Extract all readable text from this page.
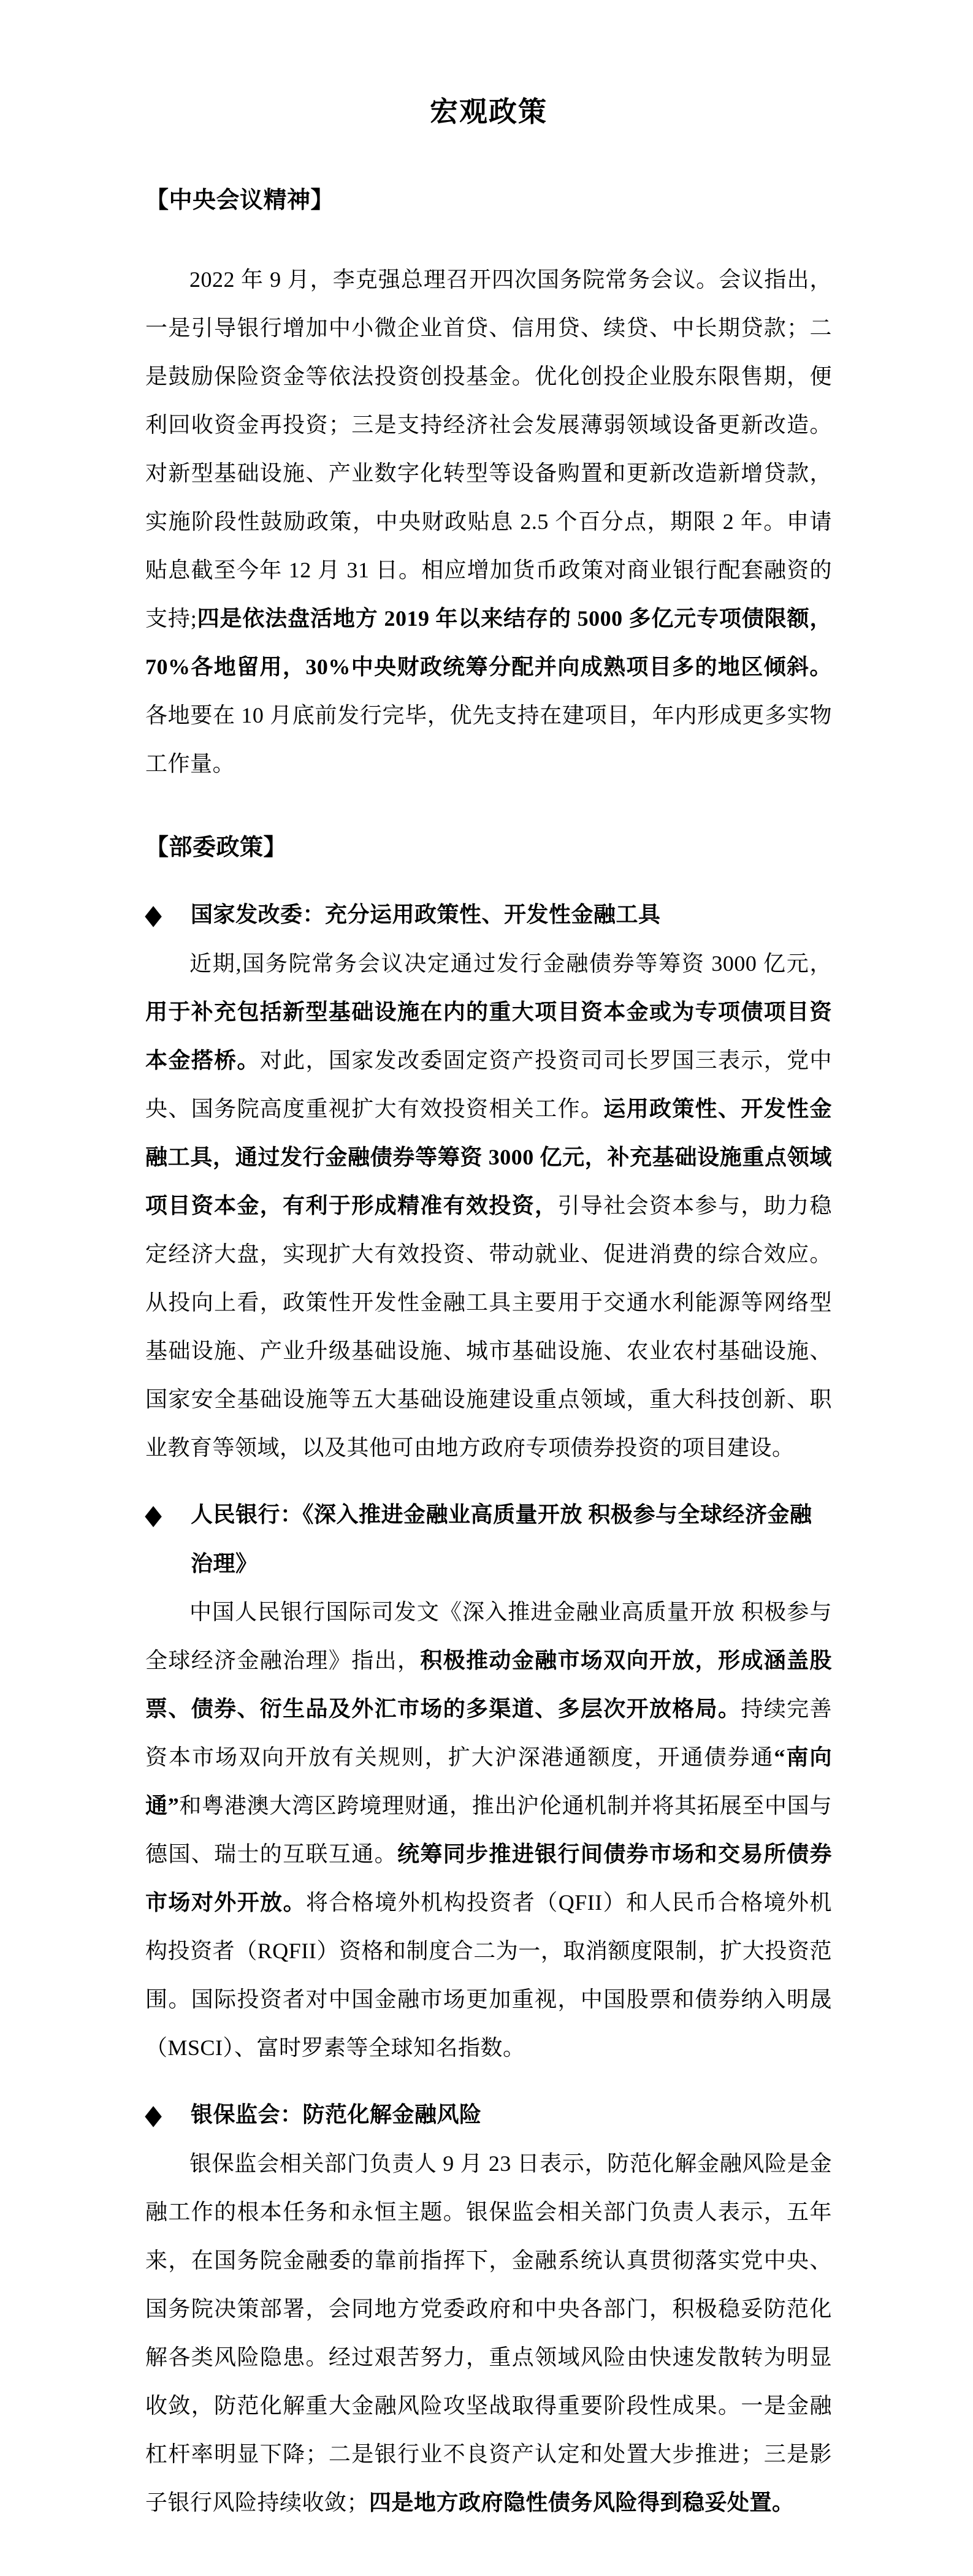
宏观政策
【中央会议精神】

2022 年 9 月，李克强总理召开四次国务院常务会议。会议指出，一是引导银行增加中小微企业首贷、信用贷、续贷、中长期贷款；二是鼓励保险资金等依法投资创投基金。优化创投企业股东限售期，便利回收资金再投资；三是支持经济社会发展薄弱领域设备更新改造。对新型基础设施、产业数字化转型等设备购置和更新改造新增贷款，实施阶段性鼓励政策，中央财政贴息 2.5 个百分点，期限 2 年。申请贴息截至今年 12 月 31 日。相应增加货币政策对商业银行配套融资的支持;四是依法盘活地方 2019 年以来结存的 5000 多亿元专项债限额，70%各地留用，30%中央财政统筹分配并向成熟项目多的地区倾斜。各地要在 10 月底前发行完毕，优先支持在建项目，年内形成更多实物工作量。

【部委政策】
◆ 国家发改委：充分运用政策性、开发性金融工具

近期,国务院常务会议决定通过发行金融债券等筹资 3000 亿元，用于补充包括新型基础设施在内的重大项目资本金或为专项债项目资本金搭桥。对此，国家发改委固定资产投资司司长罗国三表示，党中央、国务院高度重视扩大有效投资相关工作。运用政策性、开发性金融工具，通过发行金融债券等筹资 3000 亿元，补充基础设施重点领域项目资本金，有利于形成精准有效投资，引导社会资本参与，助力稳定经济大盘，实现扩大有效投资、带动就业、促进消费的综合效应。从投向上看，政策性开发性金融工具主要用于交通水利能源等网络型基础设施、产业升级基础设施、城市基础设施、农业农村基础设施、国家安全基础设施等五大基础设施建设重点领域，重大科技创新、职业教育等领域，以及其他可由地方政府专项债券投资的项目建设。

◆ 人民银行：《深入推进金融业高质量开放 积极参与全球经济金融治理》

中国人民银行国际司发文《深入推进金融业高质量开放 积极参与全球经济金融治理》指出，积极推动金融市场双向开放，形成涵盖股票、债券、衍生品及外汇市场的多渠道、多层次开放格局。持续完善资本市场双向开放有关规则，扩大沪深港通额度，开通债券通“南向通”和粤港澳大湾区跨境理财通，推出沪伦通机制并将其拓展至中国与德国、瑞士的互联互通。统筹同步推进银行间债券市场和交易所债券市场对外开放。将合格境外机构投资者（QFII）和人民币合格境外机构投资者（RQFII）资格和制度合二为一，取消额度限制，扩大投资范围。国际投资者对中国金融市场更加重视，中国股票和债券纳入明晟（MSCI）、富时罗素等全球知名指数。

◆ 银保监会：防范化解金融风险

银保监会相关部门负责人 9 月 23 日表示，防范化解金融风险是金融工作的根本任务和永恒主题。银保监会相关部门负责人表示，五年来，在国务院金融委的靠前指挥下，金融系统认真贯彻落实党中央、国务院决策部署，会同地方党委政府和中央各部门，积极稳妥防范化解各类风险隐患。经过艰苦努力，重点领域风险由快速发散转为明显收敛，防范化解重大金融风险攻坚战取得重要阶段性成果。一是金融杠杆率明显下降；二是银行业不良资产认定和处置大步推进；三是影子银行风险持续收敛；四是地方政府隐性债务风险得到稳妥处置。
